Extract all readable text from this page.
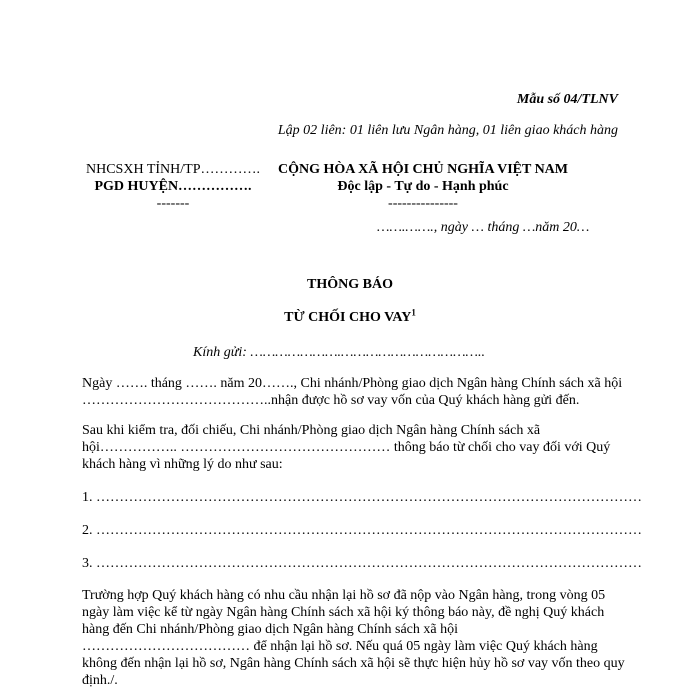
Mẫu số 04/TLNV
Lập 02 liên: 01 liên lưu Ngân hàng, 01 liên giao khách hàng
NHCSXH TỈNH/TP………….
PGD HUYỆN…………….
-------
CỘNG HÒA XÃ HỘI CHỦ NGHĨA VIỆT NAM
Độc lập - Tự do - Hạnh phúc
---------------
…….……., ngày … tháng …năm 20…
THÔNG BÁO
TỪ CHỐI CHO VAY$^1$
Kính gửi: ………………….……………………………..
Ngày ……. tháng ……. năm 20……., Chi nhánh/Phòng giao dịch Ngân hàng Chính sách xã hội
…………………………………..nhận được hồ sơ vay vốn của Quý khách hàng gửi đến.
Sau khi kiểm tra, đối chiếu, Chi nhánh/Phòng giao dịch Ngân hàng Chính sách xã
hội…………….. ……………………………………… thông báo từ chối cho vay đối với Quý
khách hàng vì những lý do như sau:
1. ………………………………………………………………………………………………………
2. ………………………………………………………………………………………………………
3. ………………………………………………………………………………………………………
Trường hợp Quý khách hàng có nhu cầu nhận lại hồ sơ đã nộp vào Ngân hàng, trong vòng 05
ngày làm việc kể từ ngày Ngân hàng Chính sách xã hội ký thông báo này, đề nghị Quý khách
hàng đến Chi nhánh/Phòng giao dịch Ngân hàng Chính sách xã hội
……………………………… để nhận lại hồ sơ. Nếu quá 05 ngày làm việc Quý khách hàng
không đến nhận lại hồ sơ, Ngân hàng Chính sách xã hội sẽ thực hiện hủy hồ sơ vay vốn theo quy
định./.
